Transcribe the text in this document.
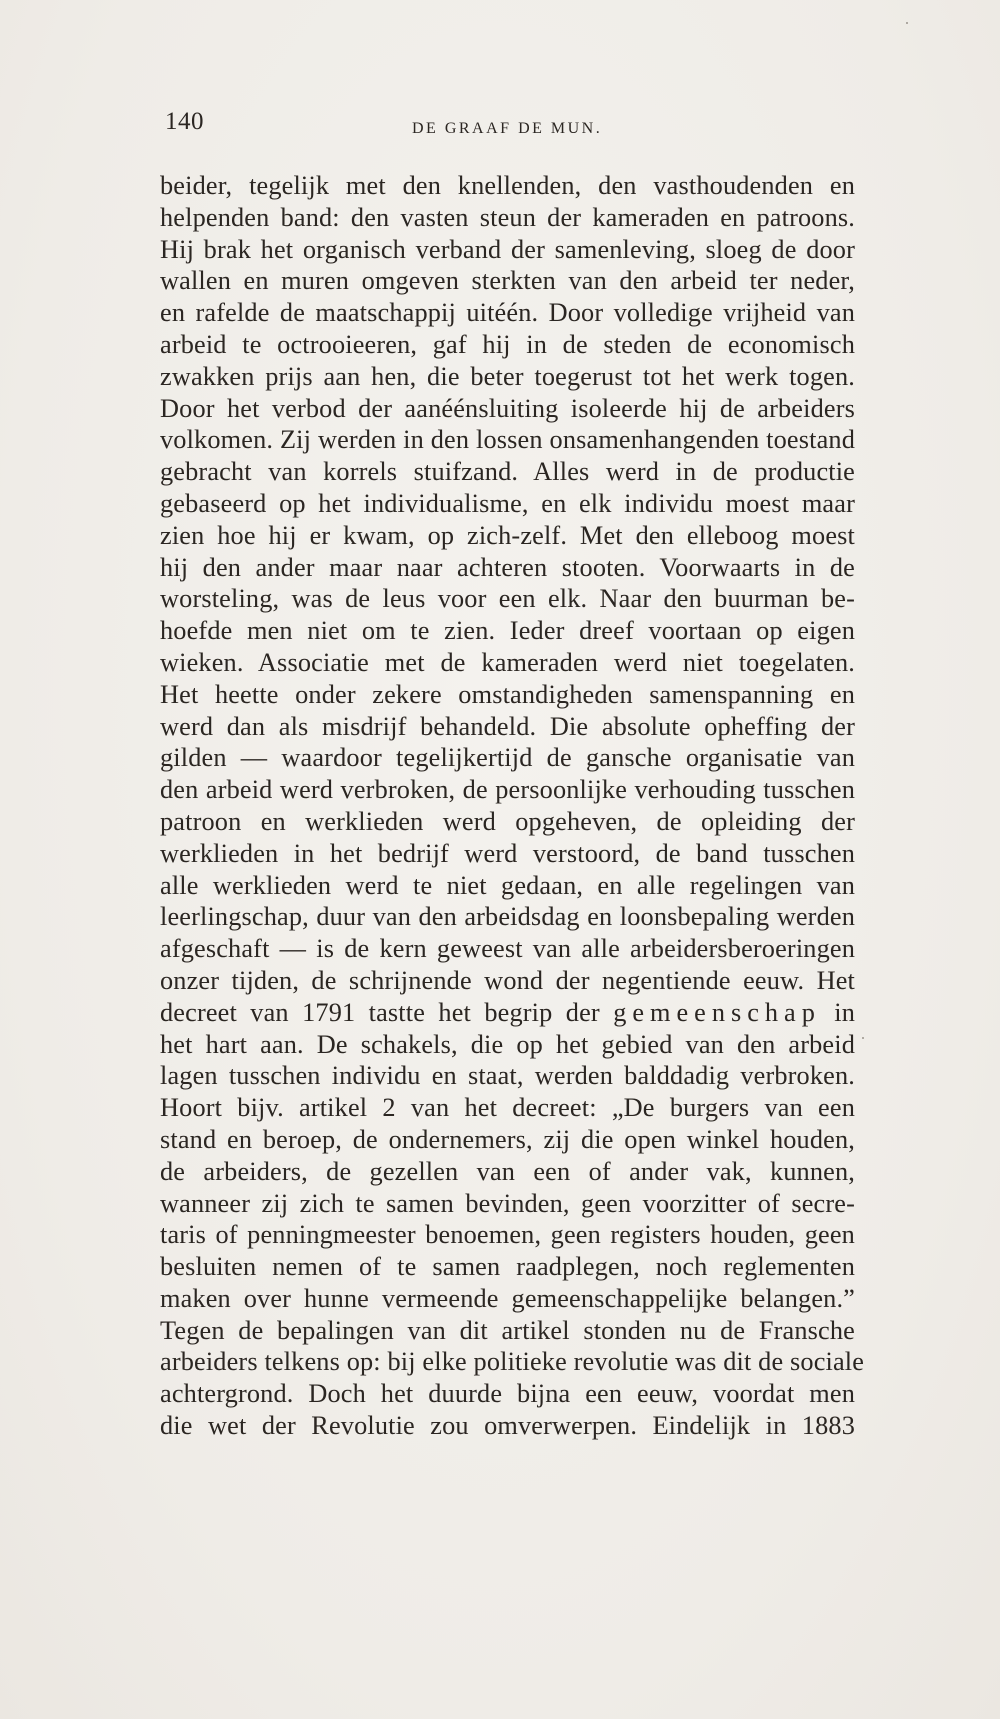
140	DE GRAAF DE MUN.
beider, tegelijk met den knellenden, den vasthoudenden en
helpenden band: den vasten steun der kameraden en patroons.
Hij brak het organisch verband der samenleving, sloeg de door
wallen en muren omgeven sterkten van den arbeid ter neder,
en rafelde de maatschappij uitéén. Door volledige vrijheid van
arbeid te octrooieeren, gaf hij in de steden de economisch
zwakken prijs aan hen, die beter toegerust tot het werk togen.
Door het verbod der aanéénsluiting isoleerde hij de arbeiders
volkomen. Zij werden in den lossen onsamenhangenden toestand
gebracht van korrels stuifzand. Alles werd in de productie
gebaseerd op het individualisme, en elk individu moest maar
zien hoe hij er kwam, op zich-zelf. Met den elleboog moest
hij den ander maar naar achteren stooten. Voorwaarts in de
worsteling, was de leus voor een elk. Naar den buurman be-
hoefde men niet om te zien. Ieder dreef voortaan op eigen
wieken. Associatie met de kameraden werd niet toegelaten.
Het heette onder zekere omstandigheden samenspanning en
werd dan als misdrijf behandeld. Die absolute opheffing der
gilden — waardoor tegelijkertijd de gansche organisatie van
den arbeid werd verbroken, de persoonlijke verhouding tusschen
patroon en werklieden werd opgeheven, de opleiding der
werklieden in het bedrijf werd verstoord, de band tusschen
alle werklieden werd te niet gedaan, en alle regelingen van
leerlingschap, duur van den arbeidsdag en loonsbepaling werden
afgeschaft — is de kern geweest van alle arbeidersberoeringen
onzer tijden, de schrijnende wond der negentiende eeuw. Het
decreet van 1791 tastte het begrip der gemeenschap in
het hart aan. De schakels, die op het gebied van den arbeid
lagen tusschen individu en staat, werden balddadig verbroken.
Hoort bijv. artikel 2 van het decreet: „De burgers van een
stand en beroep, de ondernemers, zij die open winkel houden,
de arbeiders, de gezellen van een of ander vak, kunnen,
wanneer zij zich te samen bevinden, geen voorzitter of secre-
taris of penningmeester benoemen, geen registers houden, geen
besluiten nemen of te samen raadplegen, noch reglementen
maken over hunne vermeende gemeenschappelijke belangen.”
Tegen de bepalingen van dit artikel stonden nu de Fransche
arbeiders telkens op: bij elke politieke revolutie was dit de sociale
achtergrond. Doch het duurde bijna een eeuw, voordat men
die wet der Revolutie zou omverwerpen. Eindelijk in 1883
